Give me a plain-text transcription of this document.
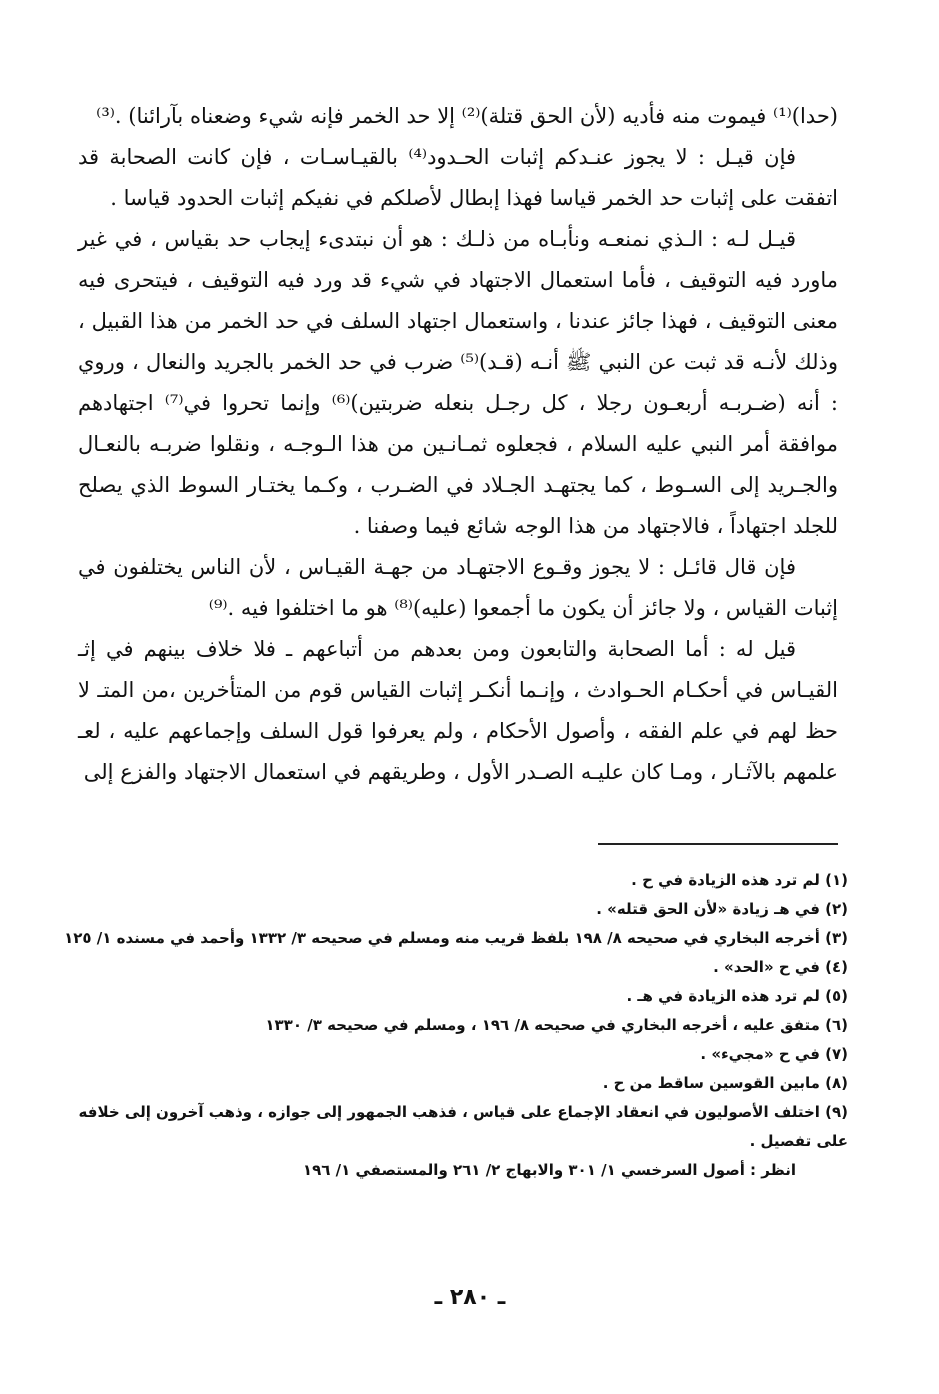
(حدا)⁽¹⁾ فيموت منه فأديه (لأن الحق قتلة)⁽²⁾ إلا حد الخمر فإنه شيء وضعناه بآرائنا) .⁽³⁾

فإن قيـل : لا يجوز عنـدكم إثبات الحـدود⁽⁴⁾ بالقيـاسـات ، فإن كانت الصحابة قد اتفقت على إثبات حد الخمر قياسا فهذا إبطال لأصلكم في نفيكم إثبات الحدود قياسا .

قيـل لـه : الـذي نمنعـه ونأبـاه من ذلـك : هو أن نبتدىء إيجاب حد بقياس ، في غير ماورد فيه التوقيف ، فأما استعمال الاجتهاد في شيء قد ورد فيه التوقيف ، فيتحرى فيه معنى التوقيف ، فهذا جائز عندنا ، واستعمال اجتهاد السلف في حد الخمر من هذا القبيل ، وذلك لأنـه قد ثبت عن النبي ﷺ أنـه (قـد)⁽⁵⁾ ضرب في حد الخمر بالجريد والنعال ، وروي : أنه (ضـربـه أربعـون رجلا ، كل رجـل بنعله ضربتين)⁽⁶⁾ وإنما تحروا في⁽⁷⁾ اجتهادهم موافقة أمر النبي عليه السلام ، فجعلوه ثمـانـين من هذا الـوجـه ، ونقلوا ضربـه بالنعـال والجـريد إلى السـوط ، كما يجتهـد الجـلاد في الضـرب ، وكـما يختـار السوط الذي يصلح للجلد اجتهاداً ، فالاجتهاد من هذا الوجه شائع فيما وصفنا .

فإن قال قائـل : لا يجوز وقـوع الاجتهـاد من جهـة القيـاس ، لأن الناس يختلفون في إثبات القياس ، ولا جائز أن يكون ما أجمعوا (عليه)⁽⁸⁾ هو ما اختلفوا فيه .⁽⁹⁾

قيل له : أما الصحابة والتابعون ومن بعدهم من أتباعهم ـ فلا خلاف بينهم في إثـ القيـاس في أحكـام الحـوادث ، وإنـما أنكـر إثبات القياس قوم من المتأخرين ،من المتـ لا حظ لهم في علم الفقه ، وأصول الأحكام ، ولم يعرفوا قول السلف وإجماعهم عليه ، لعـ علمهم بالآثـار ، ومـا كان عليـه الصـدر الأول ، وطريقهم في استعمال الاجتهاد والفزع إلى

(١) لم ترد هذه الزيادة في ح .

(٢) في هـ زيادة «لأن الحق قتله» .

(٣) أخرجه البخاري في صحيحه ٨/ ١٩٨ بلفظ قريب منه ومسلم في صحيحه ٣/ ١٣٣٢ وأحمد في مسنده ١/ ١٢٥

(٤) في ح «الحد» .

(٥) لم ترد هذه الزيادة في هـ .

(٦) متفق عليه ، أخرجه البخاري في صحيحه ٨/ ١٩٦ ، ومسلم في صحيحه ٣/ ١٣٣٠

(٧) في ح «مجيء» .

(٨) مابين القوسين ساقط من ح .

(٩) اختلف الأصوليون في انعقاد الإجماع على قياس ، فذهب الجمهور إلى جوازه ، وذهب آخرون إلى خلافه على تفصيل .

انظر : أصول السرخسي ١/ ٣٠١ والابهاج ٢/ ٢٦١ والمستصفي ١/ ١٩٦

ـ ٢٨٠ ـ
